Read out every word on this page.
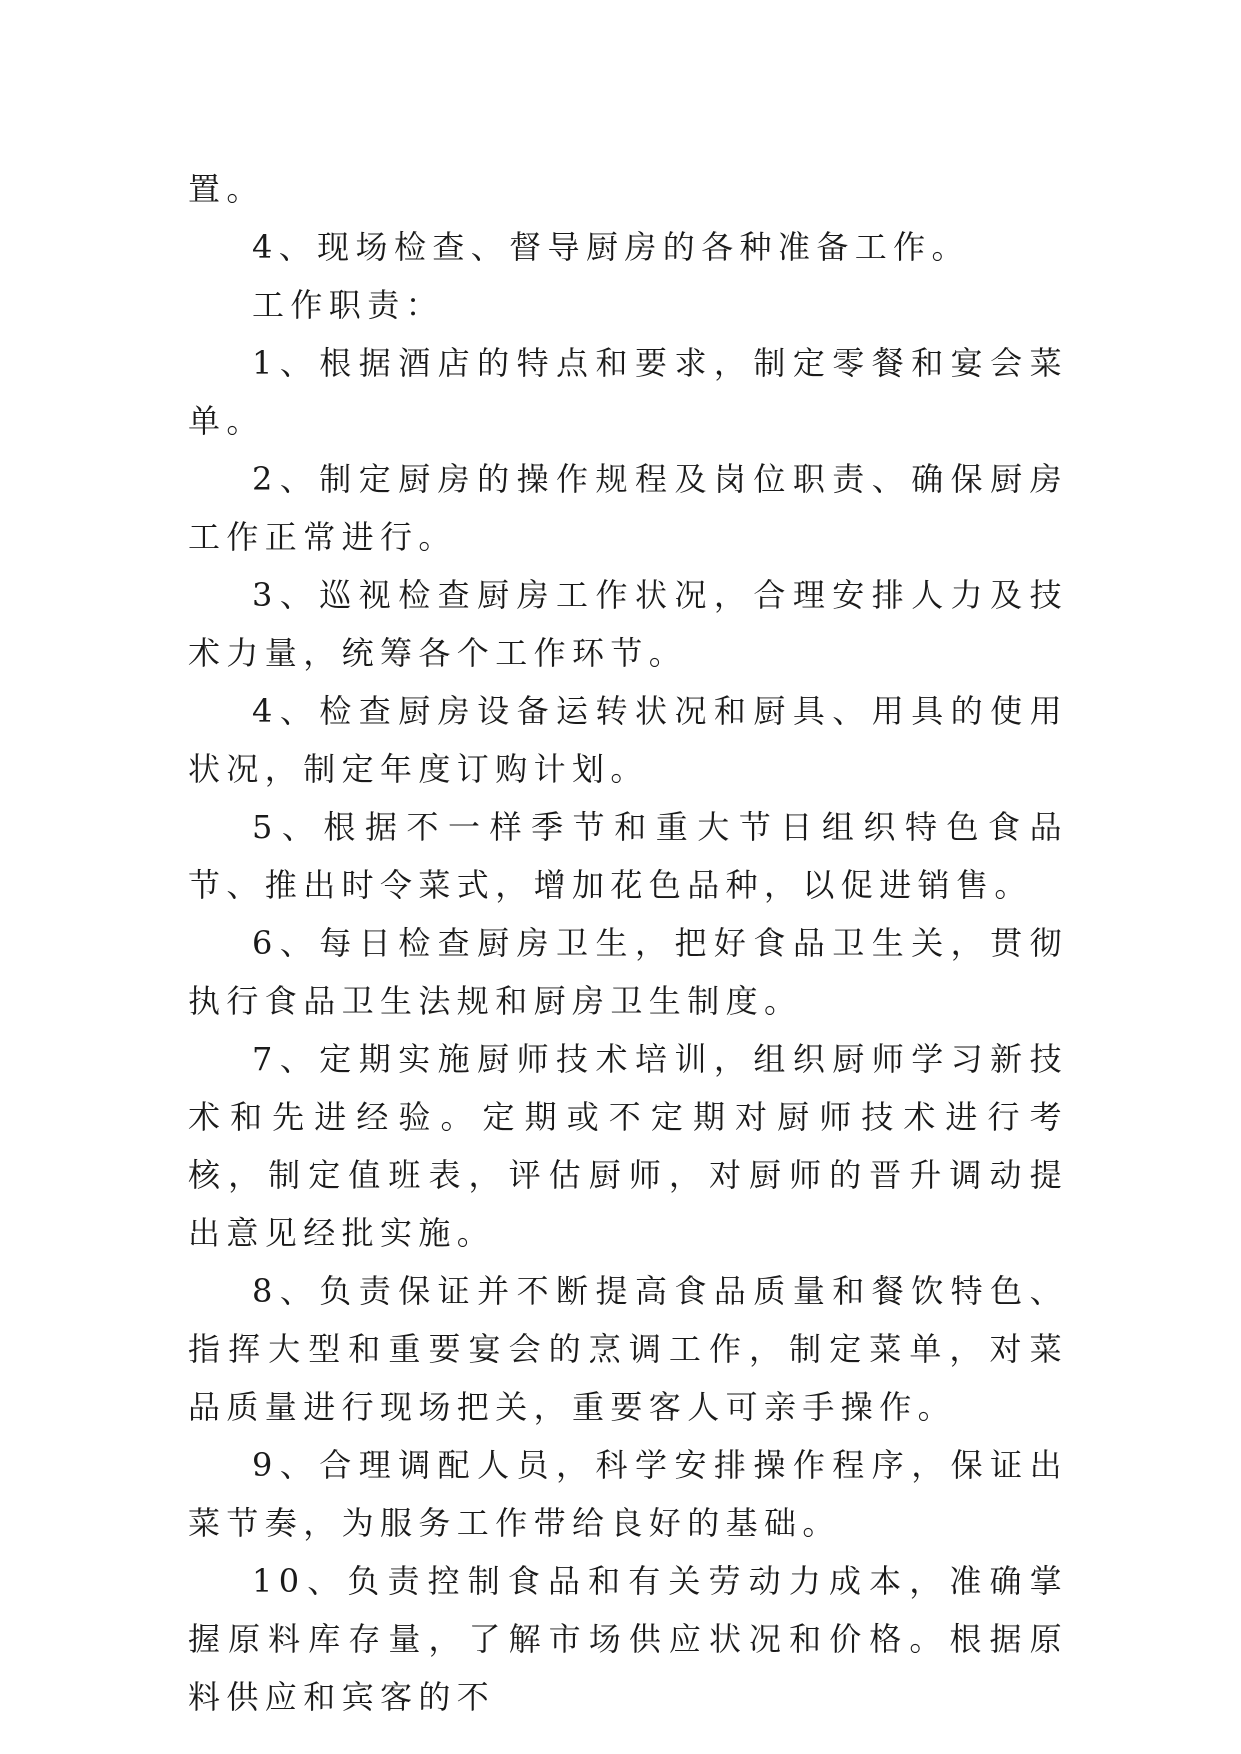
置。

4、现场检查、督导厨房的各种准备工作。

工作职责：

1、根据酒店的特点和要求，制定零餐和宴会菜单。

2、制定厨房的操作规程及岗位职责、确保厨房工作正常进行。

3、巡视检查厨房工作状况，合理安排人力及技术力量，统筹各个工作环节。

4、检查厨房设备运转状况和厨具、用具的使用状况，制定年度订购计划。

5、根据不一样季节和重大节日组织特色食品节、推出时令菜式，增加花色品种，以促进销售。

6、每日检查厨房卫生，把好食品卫生关，贯彻执行食品卫生法规和厨房卫生制度。

7、定期实施厨师技术培训，组织厨师学习新技术和先进经验。定期或不定期对厨师技术进行考核，制定值班表，评估厨师，对厨师的晋升调动提出意见经批实施。

8、负责保证并不断提高食品质量和餐饮特色、指挥大型和重要宴会的烹调工作，制定菜单，对菜品质量进行现场把关，重要客人可亲手操作。

9、合理调配人员，科学安排操作程序，保证出菜节奏，为服务工作带给良好的基础。

10、负责控制食品和有关劳动力成本，准确掌握原料库存量，了解市场供应状况和价格。根据原料供应和宾客的不
